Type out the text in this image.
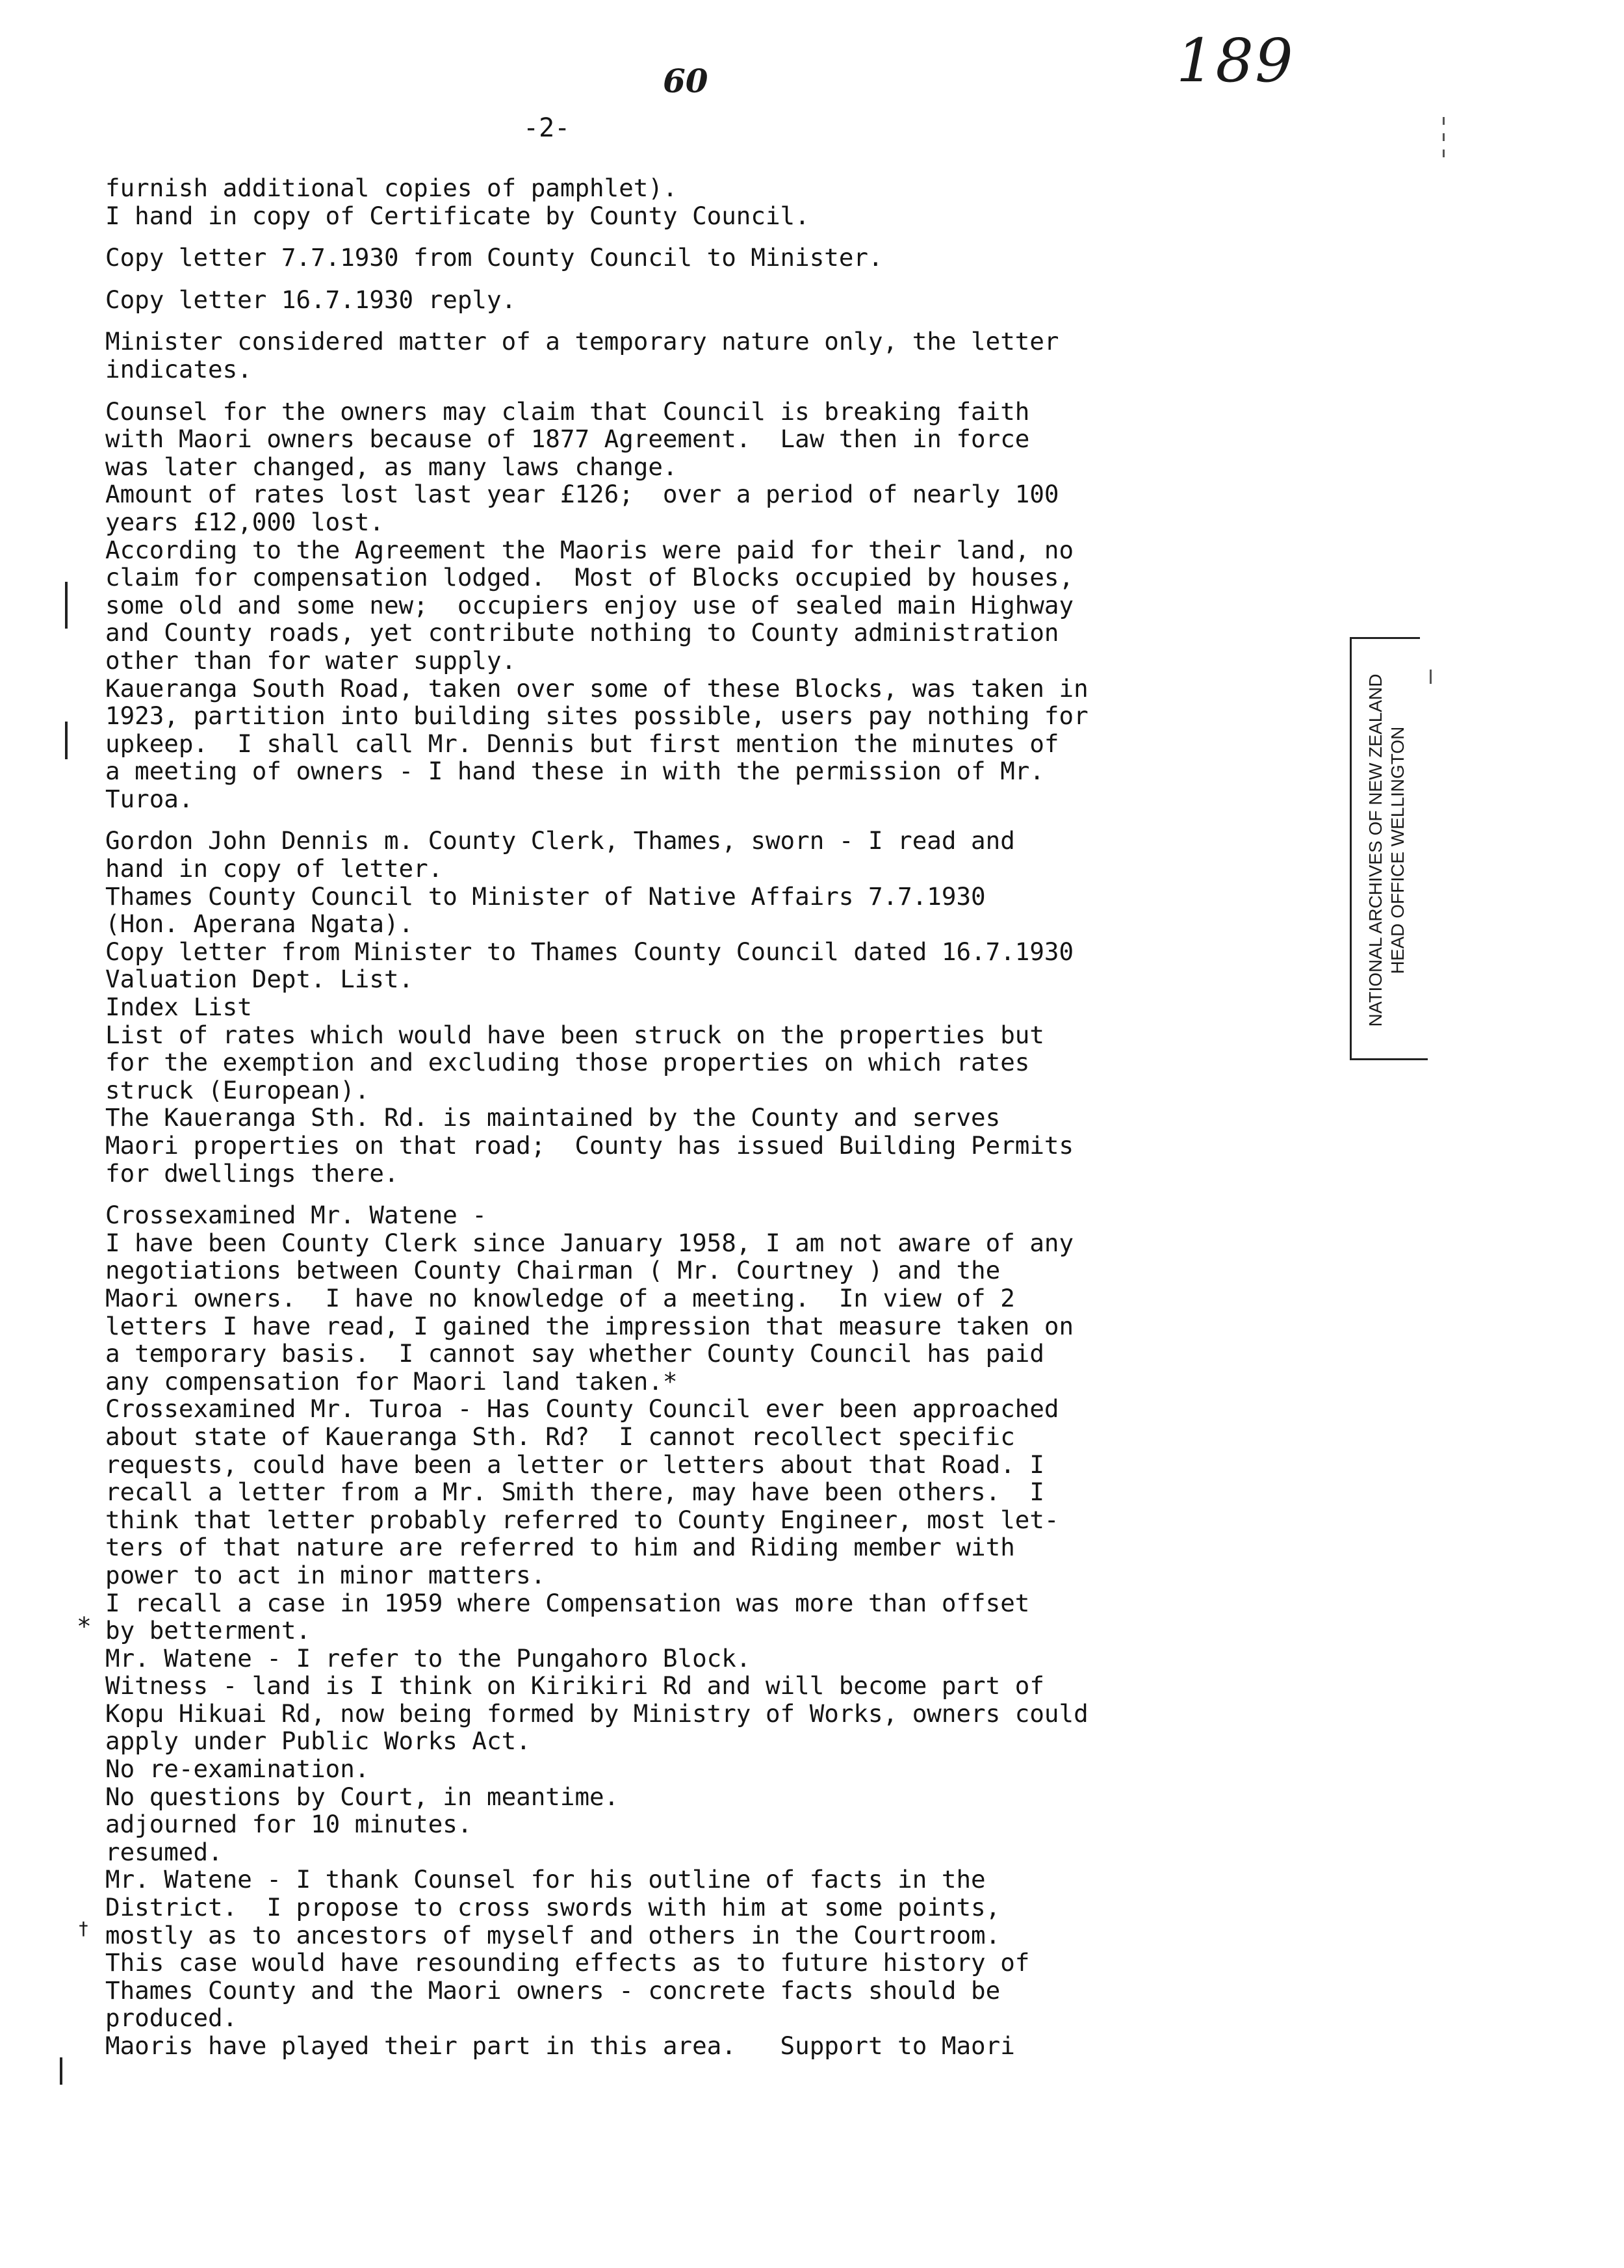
189

60

-2-

furnish additional copies of pamphlet).

I hand in copy of Certificate by County Council.

Copy letter 7.7.1930 from County Council to Minister.

Copy letter 16.7.1930 reply.

Minister considered matter of a temporary nature only, the letter

indicates.

Counsel for the owners may claim that Council is breaking faith

with Maori owners because of 1877 Agreement.  Law then in force

was later changed, as many laws change.

Amount of rates lost last year £126;  over a period of nearly 100

years £12,000 lost.

According to the Agreement the Maoris were paid for their land, no

claim for compensation lodged.  Most of Blocks occupied by houses,

some old and some new;  occupiers enjoy use of sealed main Highway

and County roads, yet contribute nothing to County administration

other than for water supply.

Kaueranga South Road, taken over some of these Blocks, was taken in

1923, partition into building sites possible, users pay nothing for

upkeep.  I shall call Mr. Dennis but first mention the minutes of

a meeting of owners - I hand these in with the permission of Mr.

Turoa.

Gordon John Dennis m. County Clerk, Thames, sworn - I read and

hand in copy of letter.

Thames County Council to Minister of Native Affairs 7.7.1930

(Hon. Aperana Ngata).

Copy letter from Minister to Thames County Council dated 16.7.1930

Valuation Dept. List.

Index List

List of rates which would have been struck on the properties but

for the exemption and excluding those properties on which rates

struck (European).

The Kaueranga Sth. Rd. is maintained by the County and serves

Maori properties on that road;  County has issued Building Permits

for dwellings there.

Crossexamined Mr. Watene -

I have been County Clerk since January 1958, I am not aware of any

negotiations between County Chairman ( Mr. Courtney ) and the

Maori owners.  I have no knowledge of a meeting.  In view of 2

letters I have read, I gained the impression that measure taken on

a temporary basis.  I cannot say whether County Council has paid

any compensation for Maori land taken.*

Crossexamined Mr. Turoa - Has County Council ever been approached

about state of Kaueranga Sth. Rd?  I cannot recollect specific

requests, could have been a letter or letters about that Road. I

recall a letter from a Mr. Smith there, may have been others.  I

think that letter probably referred to County Engineer, most let-

ters of that nature are referred to him and Riding member with

power to act in minor matters.

I recall a case in 1959 where Compensation was more than offset

by betterment.

Mr. Watene - I refer to the Pungahoro Block.

Witness - land is I think on Kirikiri Rd and will become part of

Kopu Hikuai Rd, now being formed by Ministry of Works, owners could

apply under Public Works Act.

No re-examination.

No questions by Court, in meantime.

adjourned for 10 minutes.

resumed.

Mr. Watene - I thank Counsel for his outline of facts in the

District.  I propose to cross swords with him at some points,

mostly as to ancestors of myself and others in the Courtroom.

This case would have resounding effects as to future history of

Thames County and the Maori owners - concrete facts should be

produced.

Maoris have played their part in this area.   Support to Maori

NATIONAL ARCHIVES OF NEW ZEALAND HEAD OFFICE WELLINGTON

*

†
